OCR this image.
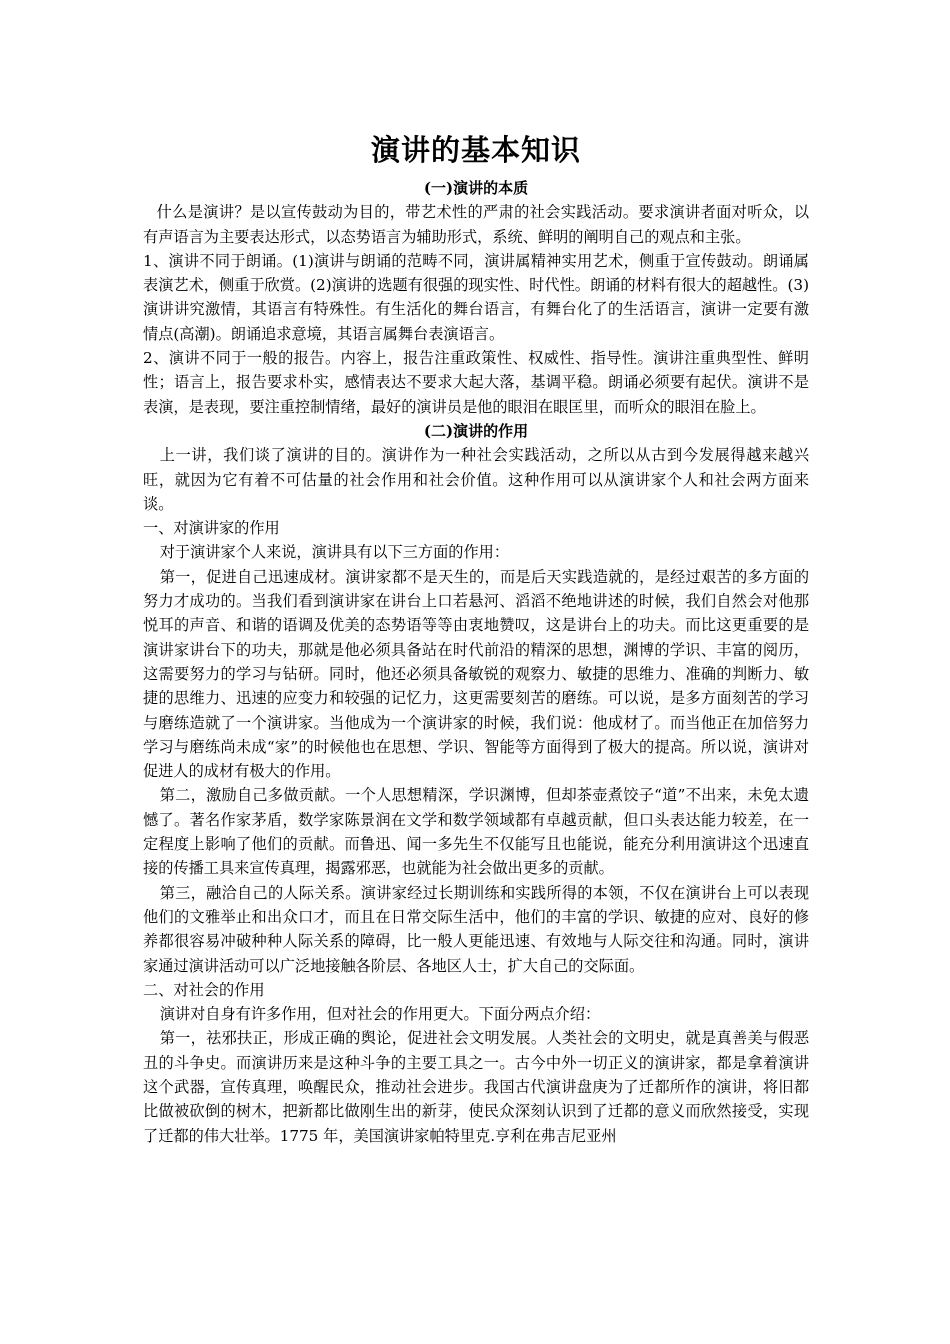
演讲的基本知识
(一)演讲的本质

什么是演讲？是以宣传鼓动为目的，带艺术性的严肃的社会实践活动。要求演讲者面对听众，以有声语言为主要表达形式，以态势语言为辅助形式，系统、鲜明的阐明自己的观点和主张。

1、演讲不同于朗诵。(1)演讲与朗诵的范畴不同，演讲属精神实用艺术，侧重于宣传鼓动。朗诵属表演艺术，侧重于欣赏。(2)演讲的选题有很强的现实性、时代性。朗诵的材料有很大的超越性。(3)演讲讲究激情，其语言有特殊性。有生活化的舞台语言，有舞台化了的生活语言，演讲一定要有激情点(高潮)。朗诵追求意境，其语言属舞台表演语言。

2、演讲不同于一般的报告。内容上，报告注重政策性、权威性、指导性。演讲注重典型性、鲜明性；语言上，报告要求朴实，感情表达不要求大起大落，基调平稳。朗诵必须要有起伏。演讲不是表演，是表现，要注重控制情绪，最好的演讲员是他的眼泪在眼匡里，而听众的眼泪在脸上。

(二)演讲的作用

上一讲，我们谈了演讲的目的。演讲作为一种社会实践活动，之所以从古到今发展得越来越兴旺，就因为它有着不可估量的社会作用和社会价值。这种作用可以从演讲家个人和社会两方面来谈。

一、对演讲家的作用

对于演讲家个人来说，演讲具有以下三方面的作用：

第一，促进自己迅速成材。演讲家都不是天生的，而是后天实践造就的，是经过艰苦的多方面的努力才成功的。当我们看到演讲家在讲台上口若悬河、滔滔不绝地讲述的时候，我们自然会对他那悦耳的声音、和谐的语调及优美的态势语等等由衷地赞叹，这是讲台上的功夫。而比这更重要的是演讲家讲台下的功夫，那就是他必须具备站在时代前沿的精深的思想，渊博的学识、丰富的阅历，这需要努力的学习与钻研。同时，他还必须具备敏锐的观察力、敏捷的思维力、准确的判断力、敏捷的思维力、迅速的应变力和较强的记忆力，这更需要刻苦的磨练。可以说，是多方面刻苦的学习与磨练造就了一个演讲家。当他成为一个演讲家的时候，我们说：他成材了。而当他正在加倍努力学习与磨练尚未成“家”的时候他也在思想、学识、智能等方面得到了极大的提高。所以说，演讲对促进人的成材有极大的作用。

第二，激励自己多做贡献。一个人思想精深，学识渊博，但却茶壶煮饺子“道”不出来，未免太遗憾了。著名作家茅盾，数学家陈景润在文学和数学领域都有卓越贡献，但口头表达能力较差，在一定程度上影响了他们的贡献。而鲁迅、闻一多先生不仅能写且也能说，能充分利用演讲这个迅速直接的传播工具来宣传真理，揭露邪恶，也就能为社会做出更多的贡献。

第三，融洽自己的人际关系。演讲家经过长期训练和实践所得的本领，不仅在演讲台上可以表现他们的文雅举止和出众口才，而且在日常交际生活中，他们的丰富的学识、敏捷的应对、良好的修养都很容易冲破种种人际关系的障碍，比一般人更能迅速、有效地与人际交往和沟通。同时，演讲家通过演讲活动可以广泛地接触各阶层、各地区人士，扩大自己的交际面。

二、对社会的作用

演讲对自身有许多作用，但对社会的作用更大。下面分两点介绍：

第一，祛邪扶正，形成正确的舆论，促进社会文明发展。人类社会的文明史，就是真善美与假恶丑的斗争史。而演讲历来是这种斗争的主要工具之一。古今中外一切正义的演讲家，都是拿着演讲这个武器，宣传真理，唤醒民众，推动社会进步。我国古代演讲盘庚为了迁都所作的演讲，将旧都比做被砍倒的树木，把新都比做刚生出的新芽，使民众深刻认识到了迁都的意义而欣然接受，实现了迁都的伟大壮举。1775 年，美国演讲家帕特里克.亨利在弗吉尼亚州
